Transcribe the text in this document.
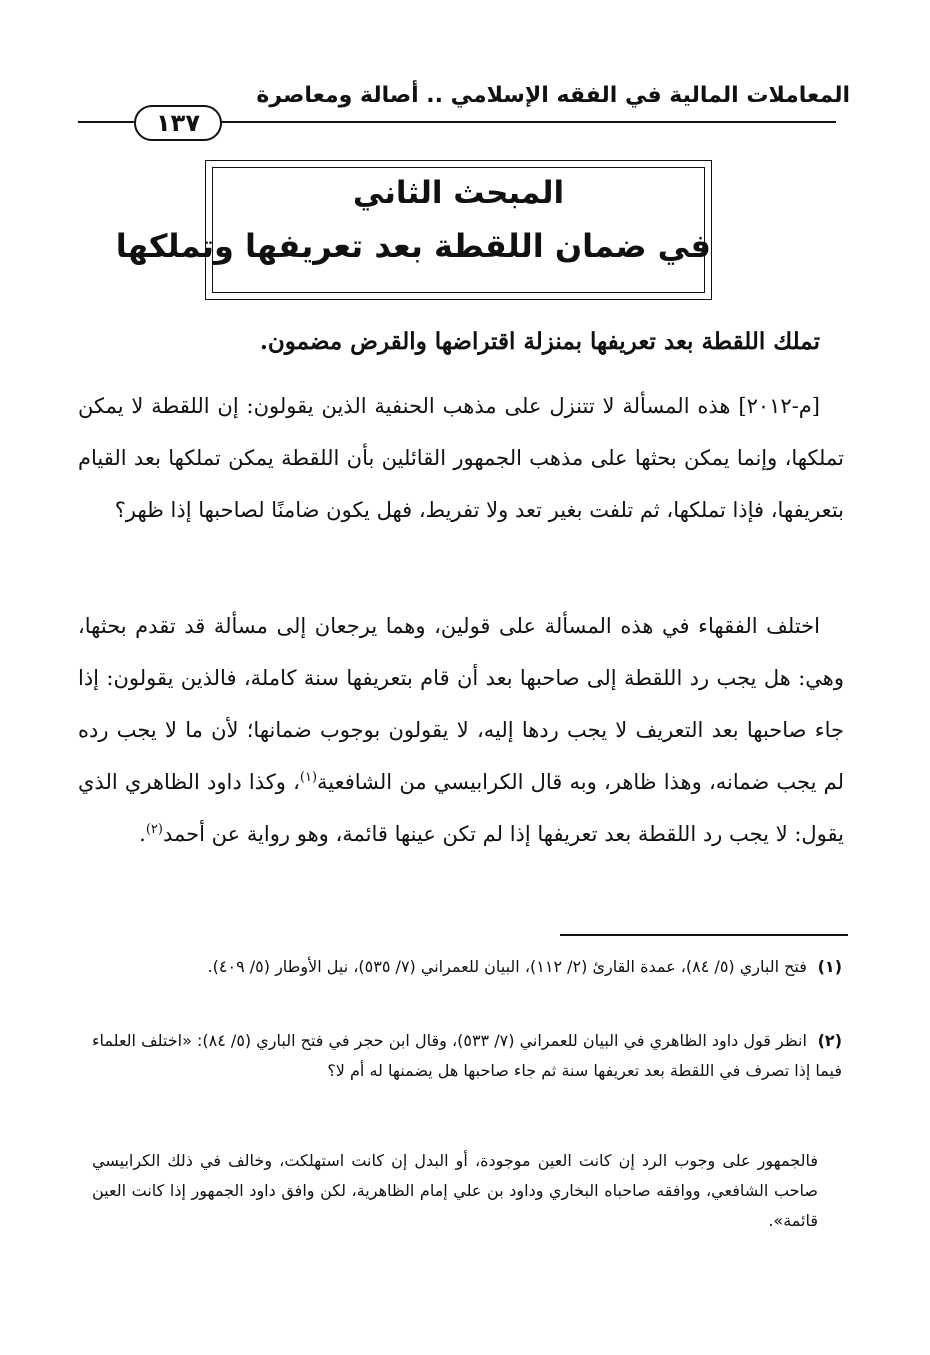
المعاملات المالية في الفقه الإسلامي .. أصالة ومعاصرة
١٣٧
المبحث الثاني
في ضمان اللقطة بعد تعريفها وتملكها
تملك اللقطة بعد تعريفها بمنزلة اقتراضها والقرض مضمون.
[م-٢٠١٢] هذه المسألة لا تتنزل على مذهب الحنفية الذين يقولون: إن اللقطة لا يمكن تملكها، وإنما يمكن بحثها على مذهب الجمهور القائلين بأن اللقطة يمكن تملكها بعد القيام بتعريفها، فإذا تملكها، ثم تلفت بغير تعد ولا تفريط، فهل يكون ضامنًا لصاحبها إذا ظهر؟
اختلف الفقهاء في هذه المسألة على قولين، وهما يرجعان إلى مسألة قد تقدم بحثها، وهي: هل يجب رد اللقطة إلى صاحبها بعد أن قام بتعريفها سنة كاملة، فالذين يقولون: إذا جاء صاحبها بعد التعريف لا يجب ردها إليه، لا يقولون بوجوب ضمانها؛ لأن ما لا يجب رده لم يجب ضمانه، وهذا ظاهر، وبه قال الكرابيسي من الشافعية$^{(١)}$، وكذا داود الظاهري الذي يقول: لا يجب رد اللقطة بعد تعريفها إذا لم تكن عينها قائمة، وهو رواية عن أحمد$^{(٢)}$.
(١) فتح الباري (٥/ ٨٤)، عمدة القارئ (٢/ ١١٢)، البيان للعمراني (٧/ ٥٣٥)، نيل الأوطار (٥/ ٤٠٩).
(٢) انظر قول داود الظاهري في البيان للعمراني (٧/ ٥٣٣)، وقال ابن حجر في فتح الباري (٥/ ٨٤): «اختلف العلماء فيما إذا تصرف في اللقطة بعد تعريفها سنة ثم جاء صاحبها هل يضمنها له أم لا؟
فالجمهور على وجوب الرد إن كانت العين موجودة، أو البدل إن كانت استهلكت، وخالف في ذلك الكرابيسي صاحب الشافعي، ووافقه صاحباه البخاري وداود بن علي إمام الظاهرية، لكن وافق داود الجمهور إذا كانت العين قائمة».
